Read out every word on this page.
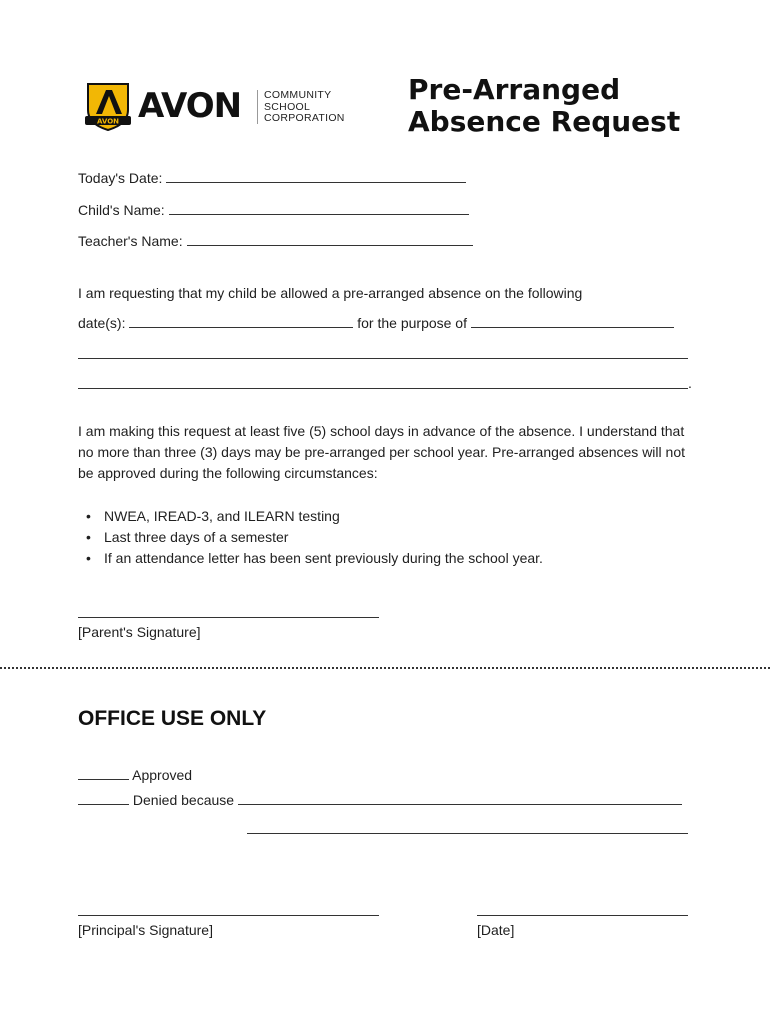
AVON AVON COMMUNITY
SCHOOL
CORPORATION
Pre-Arranged
Absence Request
Today's Date:
Child's Name:
Teacher's Name:
I am requesting that my child be allowed a pre-arranged absence on the following
date(s):	for the purpose of
.
I am making this request at least five (5) school days in advance of the absence. I understand that no more than three (3) days may be pre-arranged per school year. Pre-arranged absences will not be approved during the following circumstances:
• NWEA, IREAD-3, and ILEARN testing
• Last three days of a semester
• If an attendance letter has been sent previously during the school year.
[Parent's Signature]
OFFICE USE ONLY
Approved
Denied because
[Principal's Signature]	[Date]
